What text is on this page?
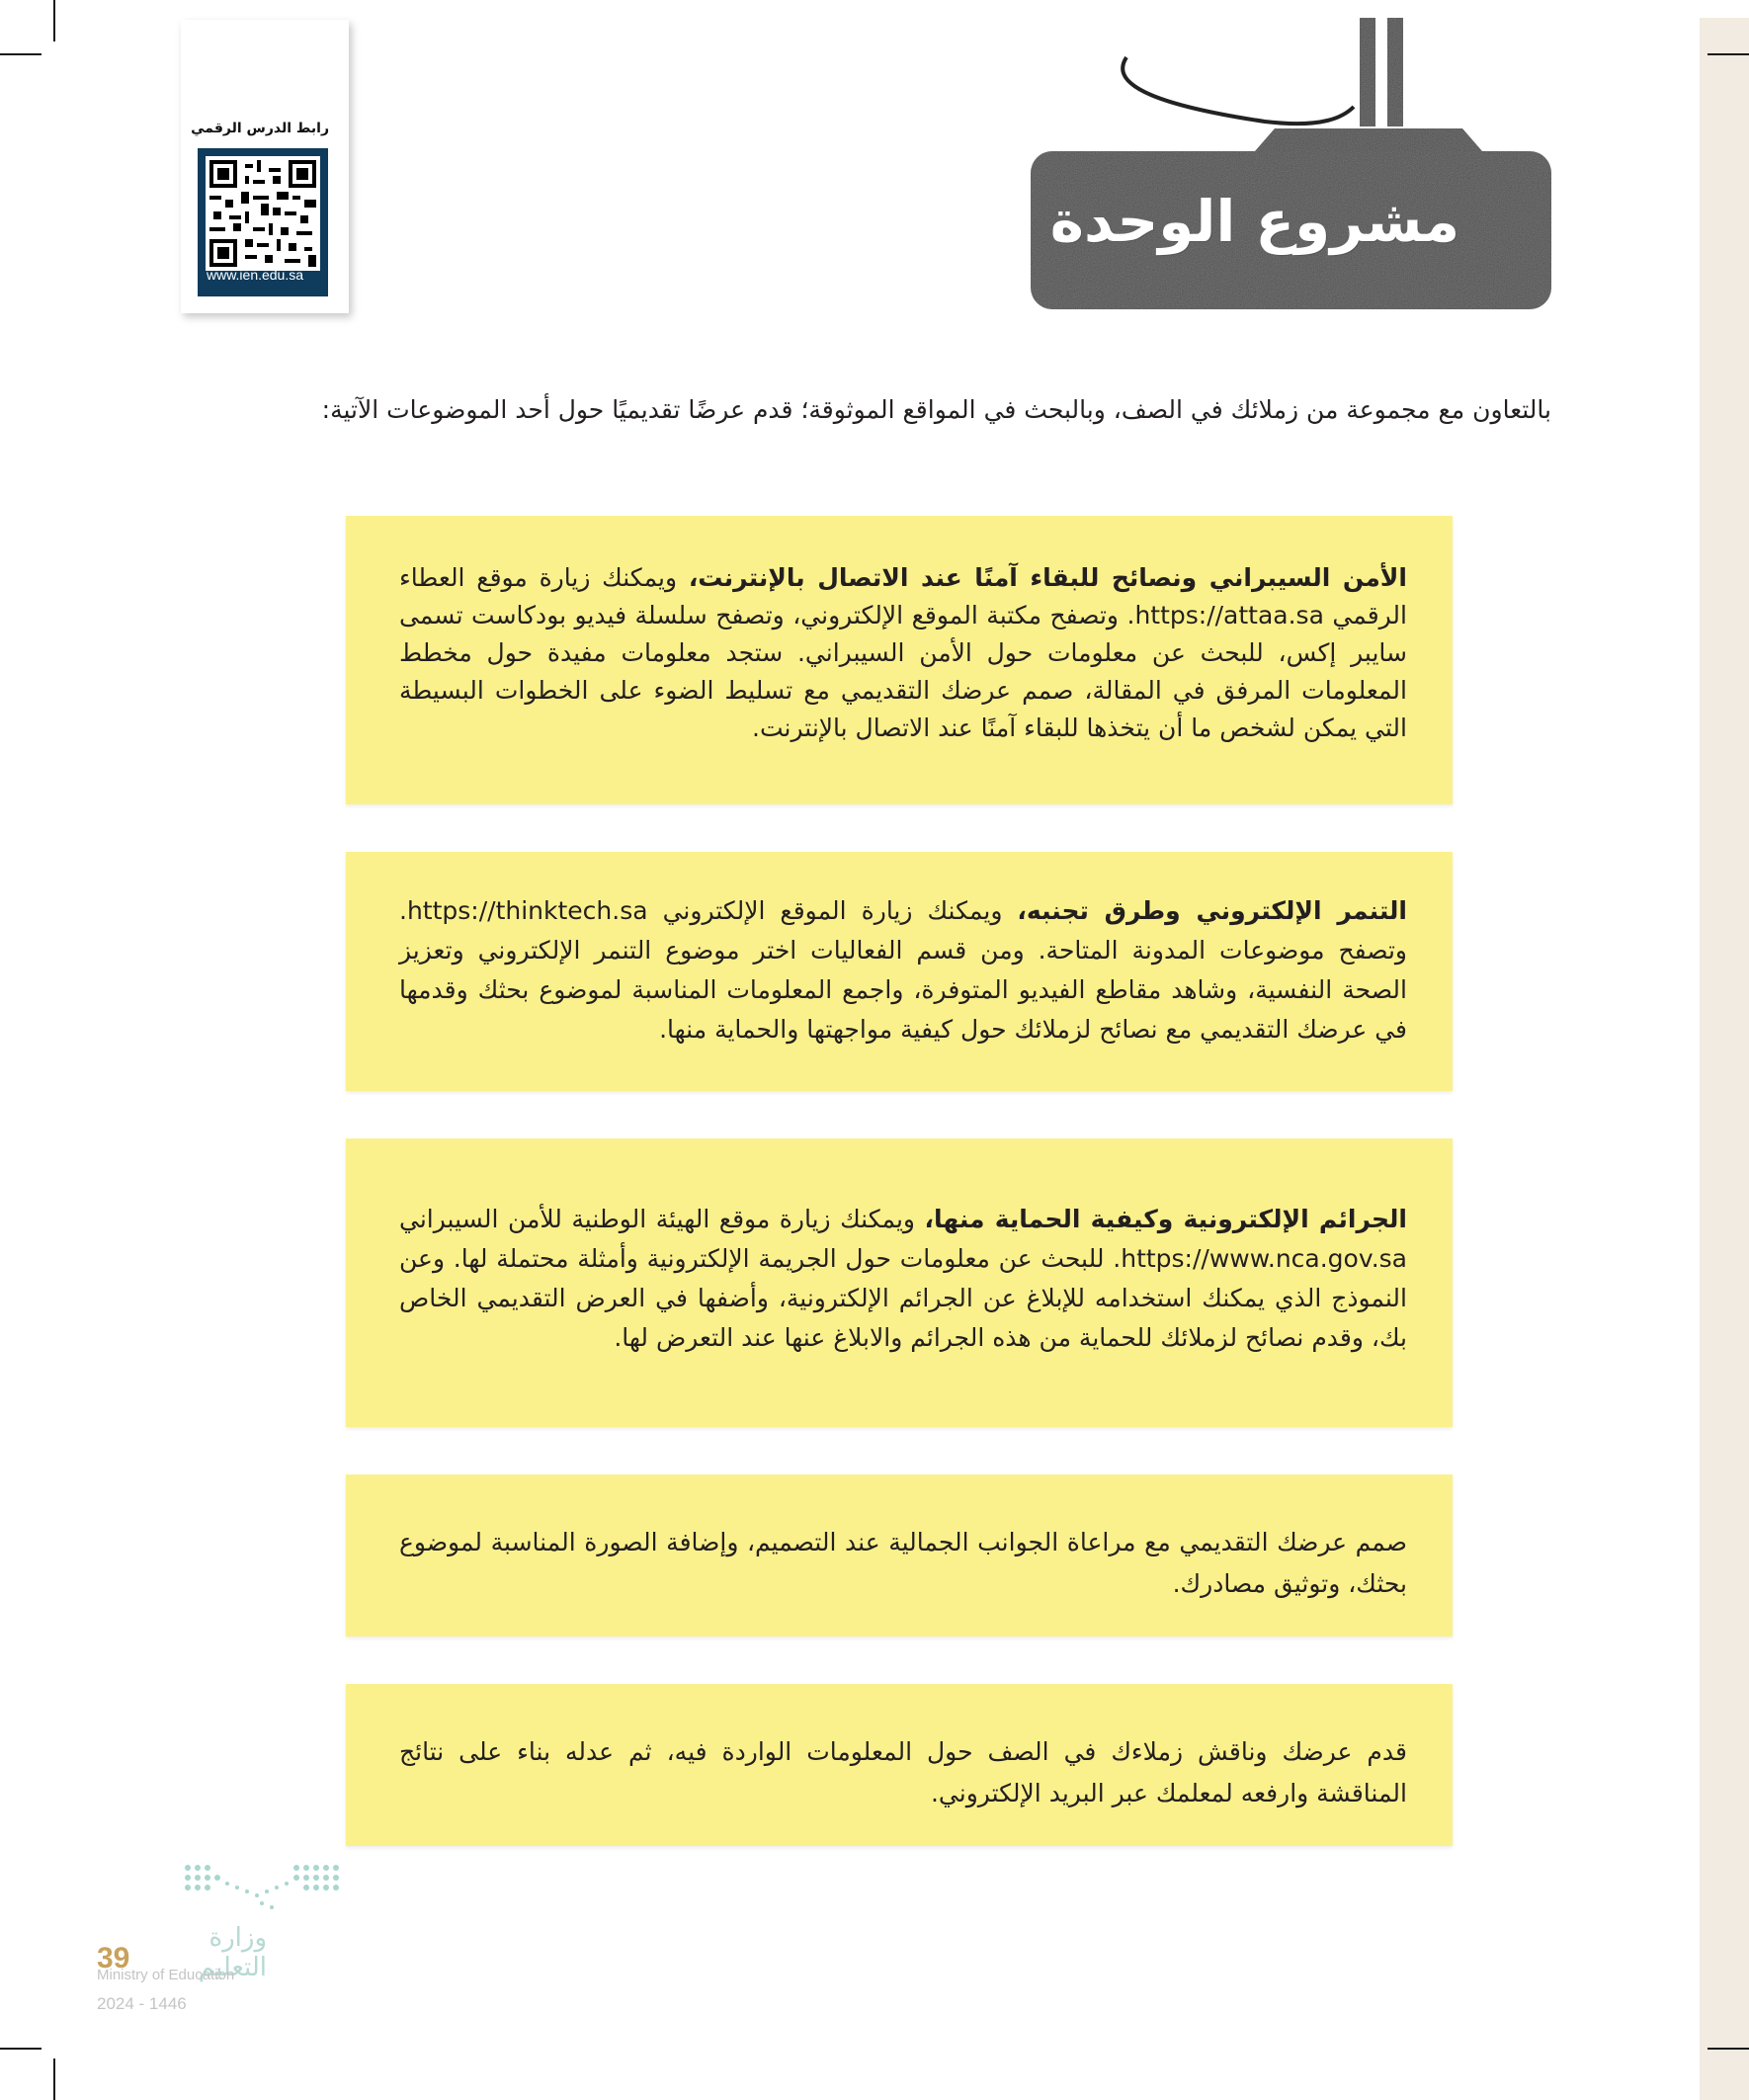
رابط الدرس الرقمي
www.ien.edu.sa
مشروع الوحدة
بالتعاون مع مجموعة من زملائك في الصف، وبالبحث في المواقع الموثوقة؛ قدم عرضًا تقديميًا حول أحد الموضوعات الآتية:
الأمن السيبراني ونصائح للبقاء آمنًا عند الاتصال بالإنترنت، ويمكنك زيارة موقع العطاء الرقمي https://attaa.sa. وتصفح مكتبة الموقع الإلكتروني، وتصفح سلسلة فيديو بودكاست تسمى سايبر إكس، للبحث عن معلومات حول الأمن السيبراني. ستجد معلومات مفيدة حول مخطط المعلومات المرفق في المقالة، صمم عرضك التقديمي مع تسليط الضوء على الخطوات البسيطة التي يمكن لشخص ما أن يتخذها للبقاء آمنًا عند الاتصال بالإنترنت.
التنمر الإلكتروني وطرق تجنبه، ويمكنك زيارة الموقع الإلكتروني https://thinktech.sa. وتصفح موضوعات المدونة المتاحة. ومن قسم الفعاليات اختر موضوع التنمر الإلكتروني وتعزيز الصحة النفسية، وشاهد مقاطع الفيديو المتوفرة، واجمع المعلومات المناسبة لموضوع بحثك وقدمها في عرضك التقديمي مع نصائح لزملائك حول كيفية مواجهتها والحماية منها.
الجرائم الإلكترونية وكيفية الحماية منها، ويمكنك زيارة موقع الهيئة الوطنية للأمن السيبراني https://www.nca.gov.sa. للبحث عن معلومات حول الجريمة الإلكترونية وأمثلة محتملة لها. وعن النموذج الذي يمكنك استخدامه للإبلاغ عن الجرائم الإلكترونية، وأضفها في العرض التقديمي الخاص بك، وقدم نصائح لزملائك للحماية من هذه الجرائم والابلاغ عنها عند التعرض لها.
صمم عرضك التقديمي مع مراعاة الجوانب الجمالية عند التصميم، وإضافة الصورة المناسبة لموضوع بحثك، وتوثيق مصادرك.
قدم عرضك وناقش زملاءك في الصف حول المعلومات الواردة فيه، ثم عدله بناء على نتائج المناقشة وارفعه لمعلمك عبر البريد الإلكتروني.
وزارة التعليم
39
Ministry of Education
2024 - 1446
